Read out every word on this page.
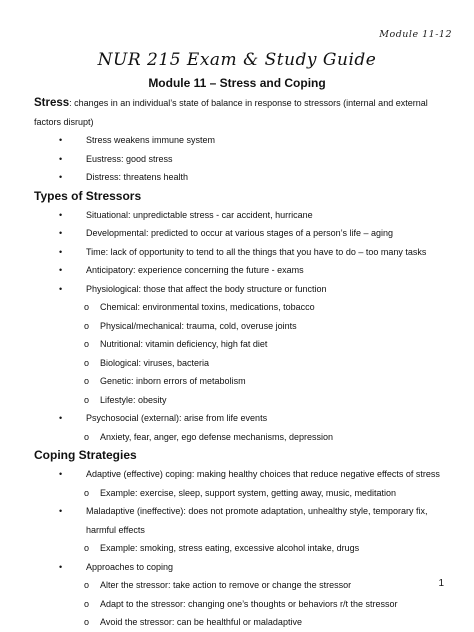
Module 11-12
NUR 215 Exam & Study Guide
Module 11 – Stress and Coping

Stress: changes in an individual’s state of balance in response to stressors (internal and external factors disrupt)

•	Stress weakens immune system
•	Eustress: good stress
•	Distress: threatens health

Types of Stressors

•	Situational: unpredictable stress - car accident, hurricane
•	Developmental: predicted to occur at various stages of a person’s life – aging
•	Time: lack of opportunity to tend to all the things that you have to do – too many tasks
•	Anticipatory: experience concerning the future - exams
•	Physiological: those that affect the body structure or function
o Chemical: environmental toxins, medications, tobacco
o Physical/mechanical: trauma, cold, overuse joints
o Nutritional: vitamin deficiency, high fat diet
o Biological: viruses, bacteria
o Genetic: inborn errors of metabolism
o Lifestyle: obesity
•	Psychosocial (external): arise from life events
o Anxiety, fear, anger, ego defense mechanisms, depression

Coping Strategies

•	Adaptive (effective) coping: making healthy choices that reduce negative effects of stress
o Example: exercise, sleep, support system, getting away, music, meditation
•	Maladaptive (ineffective): does not promote adaptation, unhealthy style, temporary fix, harmful effects
o Example: smoking, stress eating, excessive alcohol intake, drugs
•	Approaches to coping
o Alter the stressor: take action to remove or change the stressor
o Adapt to the stressor: changing one’s thoughts or behaviors r/t the stressor
o Avoid the stressor: can be healthful or maladaptive
1
